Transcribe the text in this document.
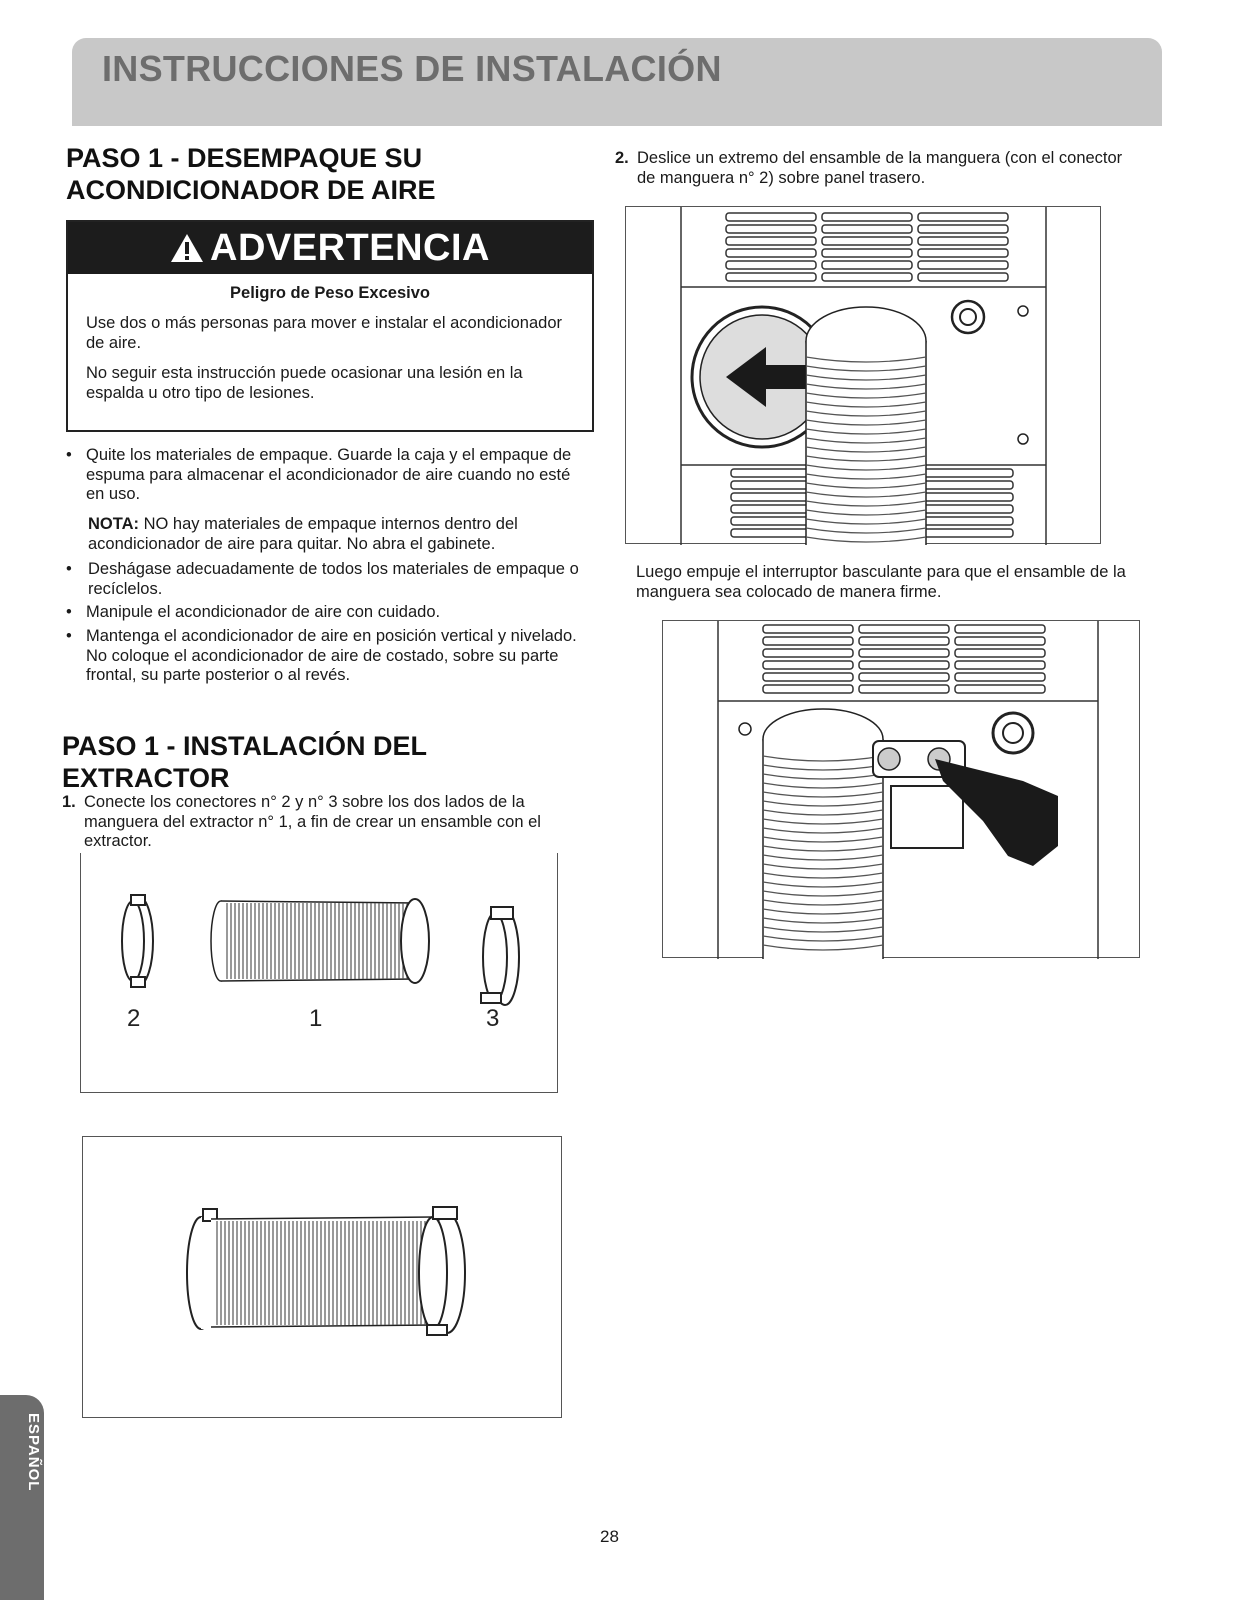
INSTRUCCIONES DE INSTALACIÓN
PASO 1 - DESEMPAQUE SU
ACONDICIONADOR DE AIRE
ADVERTENCIA
Peligro de Peso Excesivo
Use dos o más personas para mover e instalar el acondicionador de aire.
No seguir esta instrucción puede ocasionar una lesión en la espalda u otro tipo de lesiones.
• Quite los materiales de empaque. Guarde la caja y el empaque de espuma para almacenar el acondicionador de aire cuando no esté en uso.
NOTA: NO hay materiales de empaque internos dentro del acondicionador de aire para quitar. No abra el gabinete.
• Deshágase adecuadamente de todos los materiales de empaque o recíclelos.
• Manipule el acondicionador de aire con cuidado.
• Mantenga el acondicionador de aire en posición vertical y nivelado. No coloque el acondicionador de aire de costado, sobre su parte frontal, su parte posterior o al revés.
PASO 1 - INSTALACIÓN DEL
EXTRACTOR
1. Conecte los conectores n° 2 y n° 3 sobre los dos lados de la manguera del extractor n° 1, a fin de crear un ensamble con el extractor.
2	1	3
2. Deslice un extremo del ensamble de la manguera (con el conector de manguera n° 2) sobre panel trasero.
Luego empuje el interruptor basculante para que el ensamble de la manguera sea colocado de manera firme.
ESPAÑOL
28
